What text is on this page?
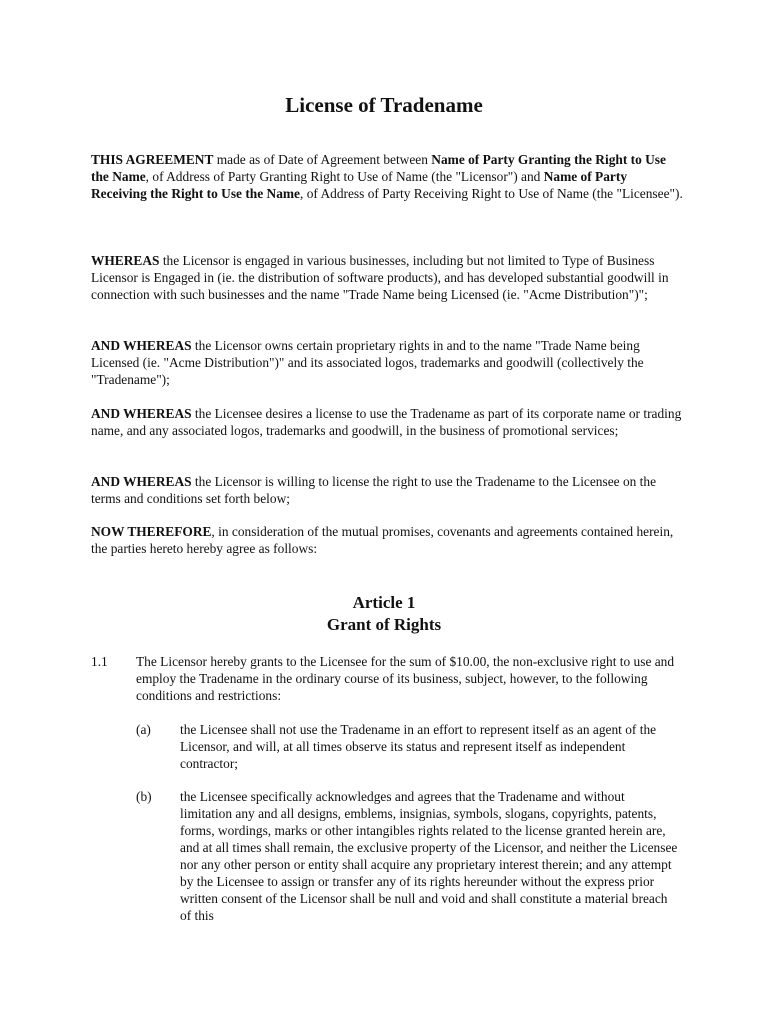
License of Tradename

THIS AGREEMENT made as of Date of Agreement between Name of Party Granting the Right to Use the Name, of Address of Party Granting Right to Use of Name (the "Licensor") and Name of Party Receiving the Right to Use the Name, of Address of Party Receiving Right to Use of Name (the "Licensee").

WHEREAS the Licensor is engaged in various businesses, including but not limited to Type of Business Licensor is Engaged in (ie. the distribution of software products), and has developed substantial goodwill in connection with such businesses and the name "Trade Name being Licensed (ie. "Acme Distribution")";

AND WHEREAS the Licensor owns certain proprietary rights in and to the name "Trade Name being Licensed (ie. "Acme Distribution")" and its associated logos, trademarks and goodwill (collectively the "Tradename");

AND WHEREAS the Licensee desires a license to use the Tradename as part of its corporate name or trading name, and any associated logos, trademarks and goodwill, in the business of promotional services;

AND WHEREAS the Licensor is willing to license the right to use the Tradename to the Licensee on the terms and conditions set forth below;

NOW THEREFORE, in consideration of the mutual promises, covenants and agreements contained herein, the parties hereto hereby agree as follows:

Article 1
Grant of Rights
1.1	The Licensor hereby grants to the Licensee for the sum of $10.00, the non-exclusive right to use and employ the Tradename in the ordinary course of its business, subject, however, to the following conditions and restrictions:

(a)	the Licensee shall not use the Tradename in an effort to represent itself as an agent of the Licensor, and will, at all times observe its status and represent itself as independent contractor;

(b)	the Licensee specifically acknowledges and agrees that the Tradename and without limitation any and all designs, emblems, insignias, symbols, slogans, copyrights, patents, forms, wordings, marks or other intangibles rights related to the license granted herein are, and at all times shall remain, the exclusive property of the Licensor, and neither the Licensee nor any other person or entity shall acquire any proprietary interest therein; and any attempt by the Licensee to assign or transfer any of its rights hereunder without the express prior written consent of the Licensor shall be null and void and shall constitute a material breach of this
